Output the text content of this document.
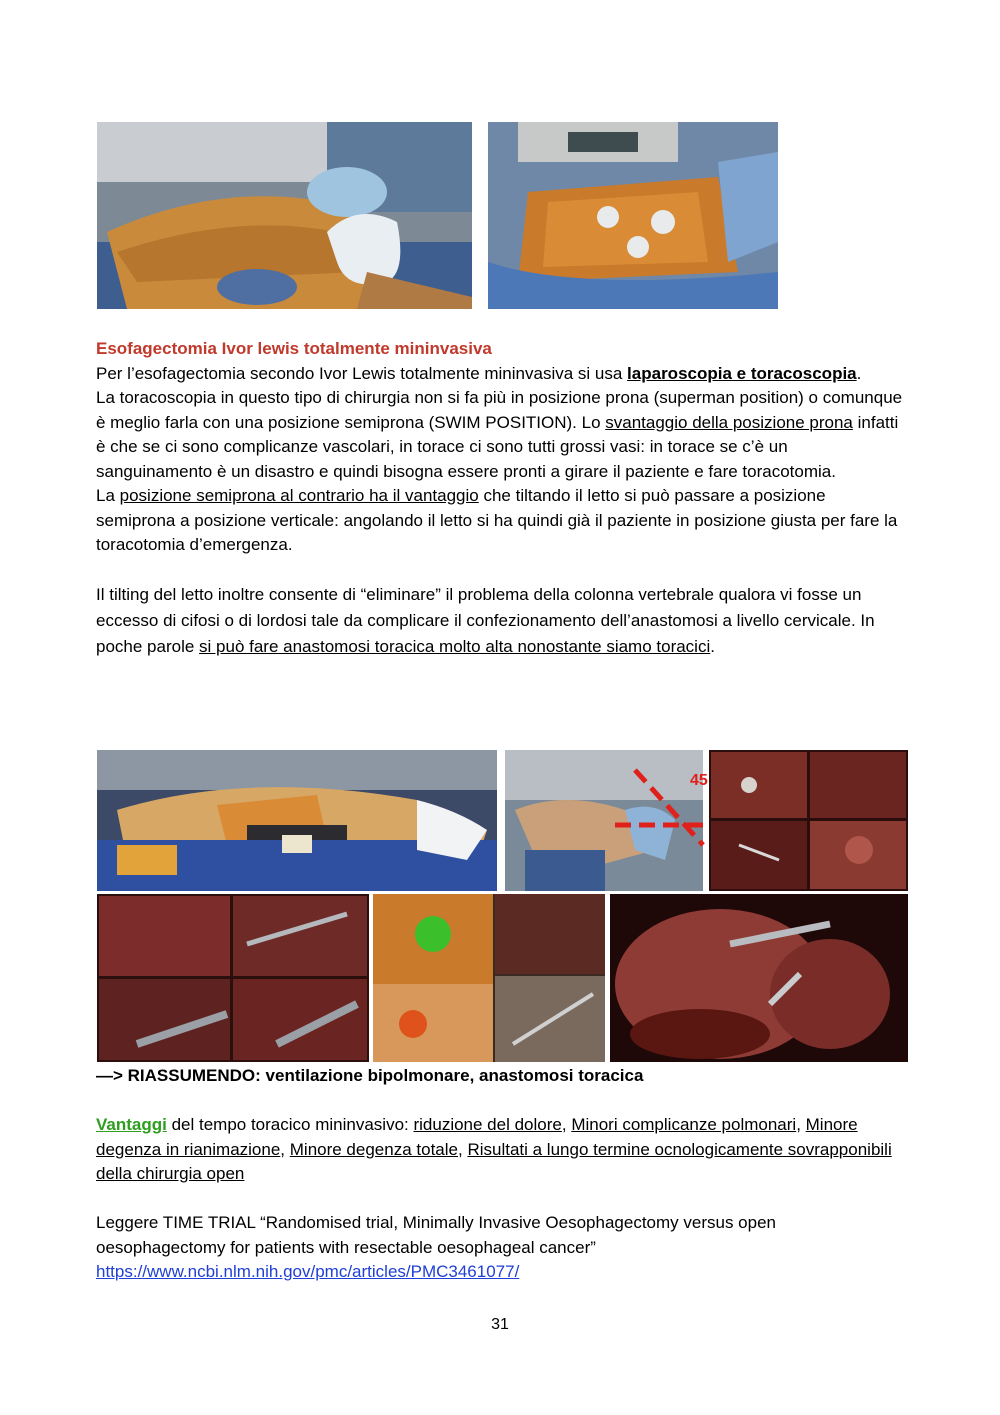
Esofagectomia Ivor lewis totalmente mininvasiva

Per l’esofagectomia secondo Ivor Lewis totalmente mininvasiva si usa laparoscopia e toracoscopia.

La toracoscopia in questo tipo di chirurgia non si fa più in posizione prona (superman position) o comunque è meglio farla con una posizione semiprona (SWIM POSITION). Lo svantaggio della posizione prona infatti è che se ci sono complicanze vascolari, in torace ci sono tutti grossi vasi: in torace se c’è un sanguinamento è un disastro e quindi bisogna essere pronti a girare il paziente e fare toracotomia.

La posizione semiprona al contrario ha il vantaggio che tiltando il letto si può passare a posizione semiprona a posizione verticale: angolando il letto si ha quindi già il paziente in posizione giusta per fare la toracotomia d’emergenza.

Il tilting del letto inoltre consente di “eliminare” il problema della colonna vertebrale qualora vi fosse un eccesso di cifosi o di lordosi tale da complicare il confezionamento dell’anastomosi a livello cervicale. In poche parole si può fare anastomosi toracica molto alta nonostante siamo toracici.

45

—> RIASSUMENDO: ventilazione bipolmonare, anastomosi toracica

Vantaggi del tempo toracico mininvasivo: riduzione del dolore, Minori complicanze polmonari, Minore degenza in rianimazione, Minore degenza totale, Risultati a lungo termine ocnologicamente sovrapponibili della chirurgia open

Leggere TIME TRIAL “Randomised trial, Minimally Invasive Oesophagectomy versus open oesophagectomy for patients with resectable oesophageal cancer”

https://www.ncbi.nlm.nih.gov/pmc/articles/PMC3461077/

31
